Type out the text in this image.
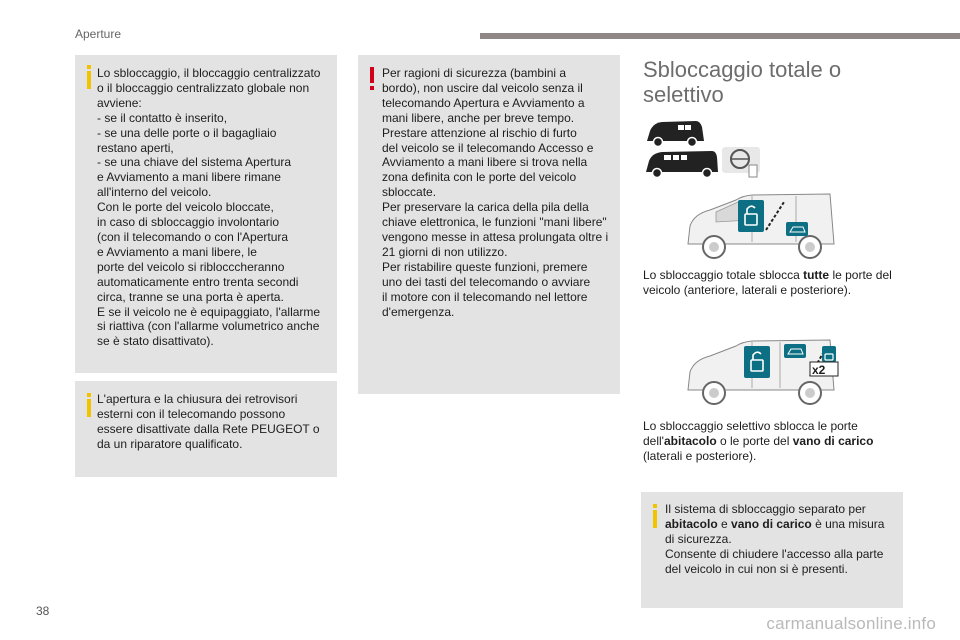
Aperture
Lo sbloccaggio, il bloccaggio centralizzato
o il bloccaggio centralizzato globale non
avviene:
- se il contatto è inserito,
- se una delle porte o il bagagliaio
restano aperti,
- se una chiave del sistema Apertura
e Avviamento a mani libere rimane
all'interno del veicolo.
Con le porte del veicolo bloccate,
in caso di sbloccaggio involontario
(con il telecomando o con l'Apertura
e Avviamento a mani libere, le
porte del veicolo si riblocccheranno
automaticamente entro trenta secondi
circa, tranne se una porta è aperta.
E se il veicolo ne è equipaggiato, l'allarme
si riattiva (con l'allarme volumetrico anche
se è stato disattivato).
L'apertura e la chiusura dei retrovisori
esterni con il telecomando possono
essere disattivate dalla Rete PEUGEOT o
da un riparatore qualificato.
Per ragioni di sicurezza (bambini a
bordo), non uscire dal veicolo senza il
telecomando Apertura e Avviamento a
mani libere, anche per breve tempo.
Prestare attenzione al rischio di furto
del veicolo se il telecomando Accesso e
Avviamento a mani libere si trova nella
zona definita con le porte del veicolo
sbloccate.
Per preservare la carica della pila della
chiave elettronica, le funzioni "mani libere"
vengono messe in attesa prolungata oltre i
21 giorni di non utilizzo.
Per ristabilire queste funzioni, premere
uno dei tasti del telecomando o avviare
il motore con il telecomando nel lettore
d'emergenza.
Sbloccaggio totale o selettivo
Lo sbloccaggio totale sblocca tutte le porte del veicolo (anteriore, laterali e posteriore).
x2
Lo sbloccaggio selettivo sblocca le porte dell'abitacolo o le porte del vano di carico (laterali e posteriore).
Il sistema di sbloccaggio separato per abitacolo e vano di carico è una misura di sicurezza.
Consente di chiudere l'accesso alla parte del veicolo in cui non si è presenti.
38
carmanualsonline.info
